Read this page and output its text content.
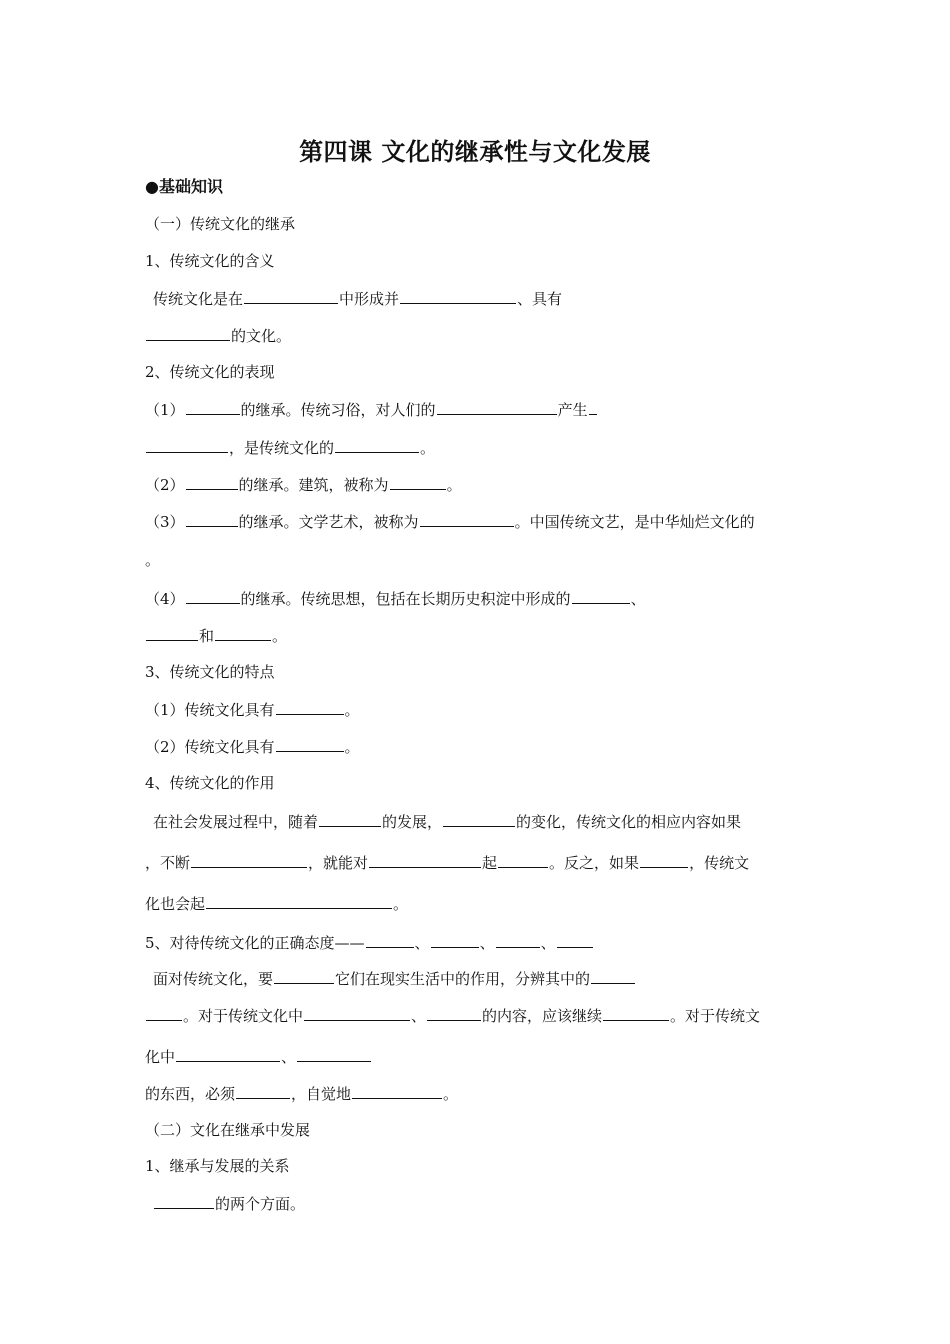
第四课 文化的继承性与文化发展
●基础知识
（一）传统文化的继承
1、传统文化的含义
传统文化是在	中形成并	、具有
的文化。
2、传统文化的表现
（1）	的继承。传统习俗，对人们的	产生
，是传统文化的	。
（2）	的继承。建筑，被称为	。
（3）	的继承。文学艺术，被称为	。中国传统文艺，是中华灿烂文化的
。
（4）	的继承。传统思想，包括在长期历史积淀中形成的	、
和	。
3、传统文化的特点
（1）传统文化具有	。
（2）传统文化具有	。
4、传统文化的作用
在社会发展过程中，随着	的发展，	的变化，传统文化的相应内容如果
，不断	，就能对	起	。反之，如果	，传统文
化也会起	。
5、对待传统文化的正确态度——	、	、	、
面对传统文化，要	它们在现实生活中的作用，分辨其中的
。对于传统文化中	、	的内容，应该继续	。对于传统文
化中	、
的东西，必须	，自觉地	。
（二）文化在继承中发展
1、继承与发展的关系
的两个方面。
